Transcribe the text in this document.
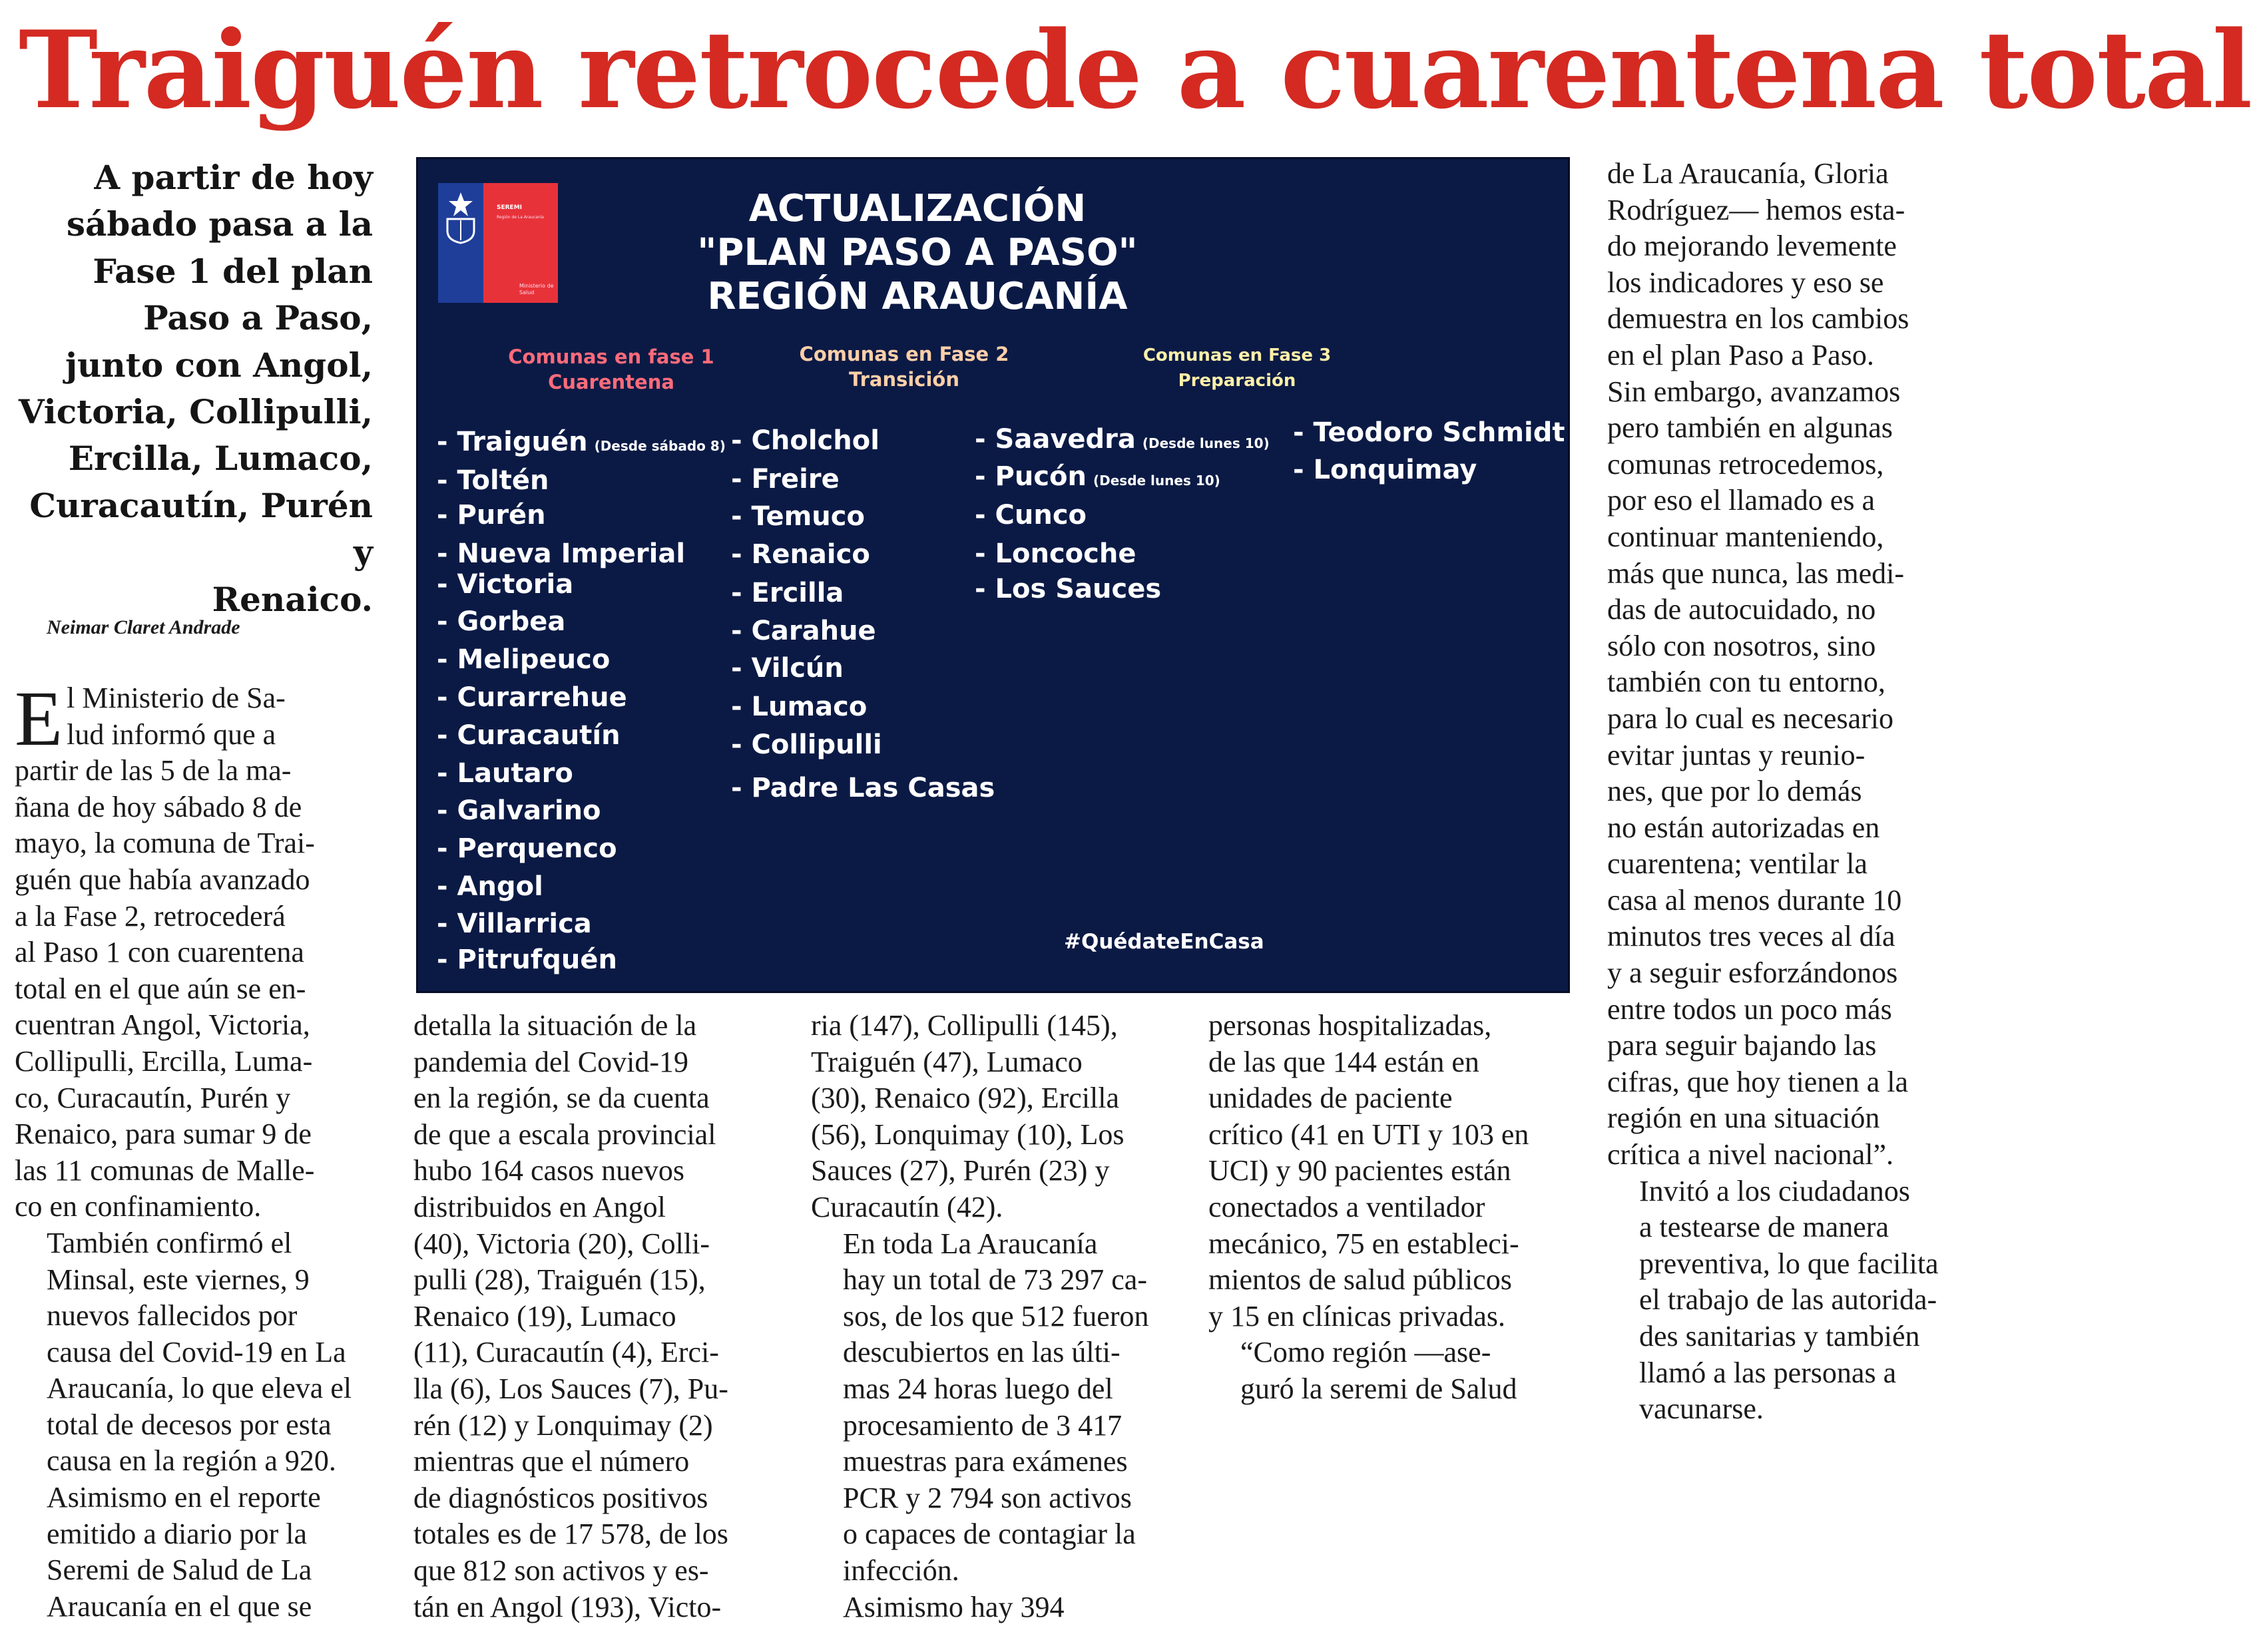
Traiguén retrocede a cuarentena total
A partir de hoy
sábado pasa a la
Fase 1 del plan
Paso a Paso,
junto con Angol,
Victoria, Collipulli,
Ercilla, Lumaco,
Curacautín, Purén y
Renaico.

Neimar Claret Andrade

E l Ministerio de Sa-
lud informó que a
partir de las 5 de la ma-
ñana de hoy sábado 8 de
mayo, la comuna de Trai-
guén que había avanzado
a la Fase 2, retrocederá
al Paso 1 con cuarentena
total en el que aún se en-
cuentran Angol, Victoria,
Collipulli, Ercilla, Luma-
co, Curacautín, Purén y
Renaico, para sumar 9 de
las 11 comunas de Malle-
co en confinamiento.

También confirmó el
Minsal, este viernes, 9
nuevos fallecidos por
causa del Covid-19 en La
Araucanía, lo que eleva el
total de decesos por esta
causa en la región a 920.

Asimismo en el reporte
emitido a diario por la
Seremi de Salud de La
Araucanía en el que se

detalla la situación de la
pandemia del Covid-19
en la región, se da cuenta
de que a escala provincial
hubo 164 casos nuevos
distribuidos en Angol
(40), Victoria (20), Colli-
pulli (28), Traiguén (15),
Renaico (19), Lumaco
(11), Curacautín (4), Erci-
lla (6), Los Sauces (7), Pu-
rén (12) y Lonquimay (2)
mientras que el número
de diagnósticos positivos
totales es de 17 578, de los
que 812 son activos y es-
tán en Angol (193), Victo-

ria (147), Collipulli (145),
Traiguén (47), Lumaco
(30), Renaico (92), Ercilla
(56), Lonquimay (10), Los
Sauces (27), Purén (23) y
Curacautín (42).

En toda La Araucanía
hay un total de 73 297 ca-
sos, de los que 512 fueron
descubiertos en las últi-
mas 24 horas luego del
procesamiento de 3 417
muestras para exámenes
PCR y 2 794 son activos
o capaces de contagiar la
infección.

Asimismo hay 394

personas hospitalizadas,
de las que 144 están en
unidades de paciente
crítico (41 en UTI y 103 en
UCI) y 90 pacientes están
conectados a ventilador
mecánico, 75 en estableci-
mientos de salud públicos
y 15 en clínicas privadas.

“Como región —ase-
guró la seremi de Salud

de La Araucanía, Gloria
Rodríguez— hemos esta-
do mejorando levemente
los indicadores y eso se
demuestra en los cambios
en el plan Paso a Paso.
Sin embargo, avanzamos
pero también en algunas
comunas retrocedemos,
por eso el llamado es a
continuar manteniendo,
más que nunca, las medi-
das de autocuidado, no
sólo con nosotros, sino
también con tu entorno,
para lo cual es necesario
evitar juntas y reunio-
nes, que por lo demás
no están autorizadas en
cuarentena; ventilar la
casa al menos durante 10
minutos tres veces al día
y a seguir esforzándonos
entre todos un poco más
para seguir bajando las
cifras, que hoy tienen a la
región en una situación
crítica a nivel nacional”.

Invitó a los ciudadanos
a testearse de manera
preventiva, lo que facilita
el trabajo de las autorida-
des sanitarias y también
llamó a las personas a
vacunarse.

SEREMI

Región de La Araucanía

Ministerio de Salud

ACTUALIZACIÓN
"PLAN PASO A PASO"
REGIÓN ARAUCANÍA
Comunas en fase 1
Cuarentena
Comunas en Fase 2
Transición
Comunas en Fase 3
Preparación
- Traiguén (Desde sábado 8)
- Toltén
- Purén
- Nueva Imperial
- Victoria
- Gorbea
- Melipeuco
- Curarrehue
- Curacautín
- Lautaro
- Galvarino
- Perquenco
- Angol
- Villarrica
- Pitrufquén
- Cholchol
- Freire
- Temuco
- Renaico
- Ercilla
- Carahue
- Vilcún
- Lumaco
- Collipulli
- Padre Las Casas
- Saavedra (Desde lunes 10)
- Pucón (Desde lunes 10)
- Cunco
- Loncoche
- Los Sauces
- Teodoro Schmidt
- Lonquimay

#QuédateEnCasa
